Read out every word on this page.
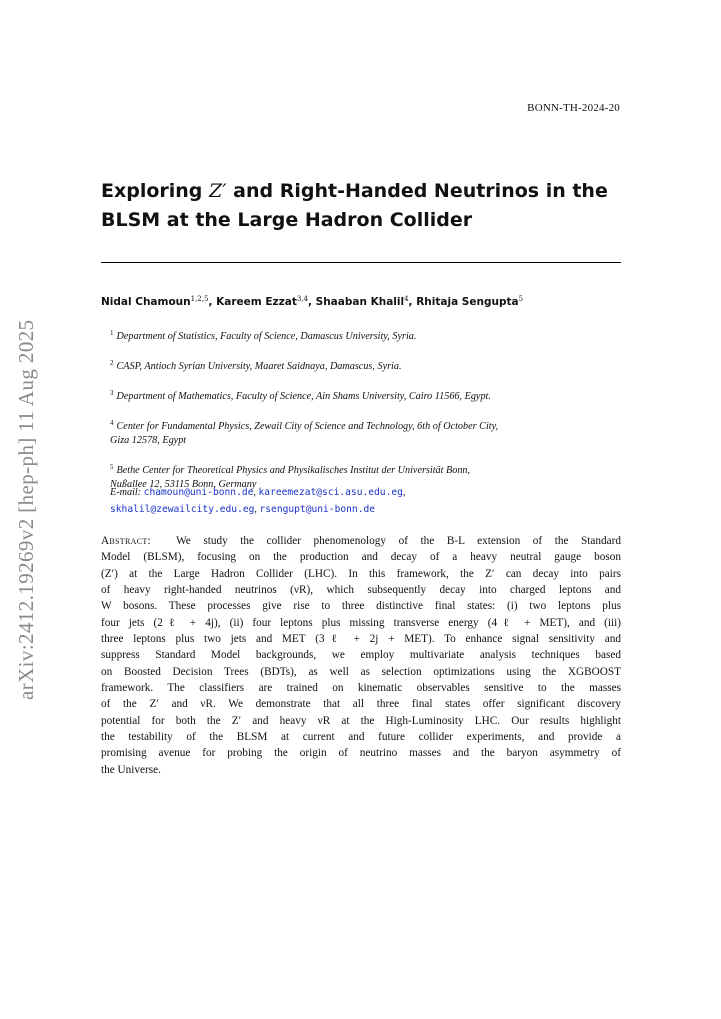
BONN-TH-2024-20
arXiv:2412.19269v2 [hep-ph] 11 Aug 2025
Exploring Z′ and Right-Handed Neutrinos in the
BLSM at the Large Hadron Collider
Nidal Chamoun$^{1,2,5}$, Kareem Ezzat$^{3,4}$, Shaaban Khalil$^4$, Rhitaja Sengupta$^5$
$^1$ Department of Statistics, Faculty of Science, Damascus University, Syria.
$^2$ CASP, Antioch Syrian University, Maaret Saidnaya, Damascus, Syria.
$^3$ Department of Mathematics, Faculty of Science, Ain Shams University, Cairo 11566, Egypt.
$^4$ Center for Fundamental Physics, Zewail City of Science and Technology, 6th of October City,
Giza 12578, Egypt
$^5$ Bethe Center for Theoretical Physics and Physikalisches Institut der Universität Bonn,
Nußallee 12, 53115 Bonn, Germany
E-mail: chamoun@uni-bonn.de, kareemezat@sci.asu.edu.eg,
skhalil@zewailcity.edu.eg, rsengupt@uni-bonn.de
Abstract: We study the collider phenomenology of the B-L extension of the Standard
Model (BLSM), focusing on the production and decay of a heavy neutral gauge boson
(Z′) at the Large Hadron Collider (LHC). In this framework, the Z′ can decay into pairs
of heavy right-handed neutrinos (νR), which subsequently decay into charged leptons and
W bosons. These processes give rise to three distinctive final states: (i) two leptons plus
four jets (2ℓ + 4j), (ii) four leptons plus missing transverse energy (4ℓ + MET), and (iii)
three leptons plus two jets and MET (3ℓ + 2j + MET). To enhance signal sensitivity and
suppress Standard Model backgrounds, we employ multivariate analysis techniques based
on Boosted Decision Trees (BDTs), as well as selection optimizations using the XGBOOST
framework. The classifiers are trained on kinematic observables sensitive to the masses
of the Z′ and νR. We demonstrate that all three final states offer significant discovery
potential for both the Z′ and heavy νR at the High-Luminosity LHC. Our results highlight
the testability of the BLSM at current and future collider experiments, and provide a
promising avenue for probing the origin of neutrino masses and the baryon asymmetry of
the Universe.
